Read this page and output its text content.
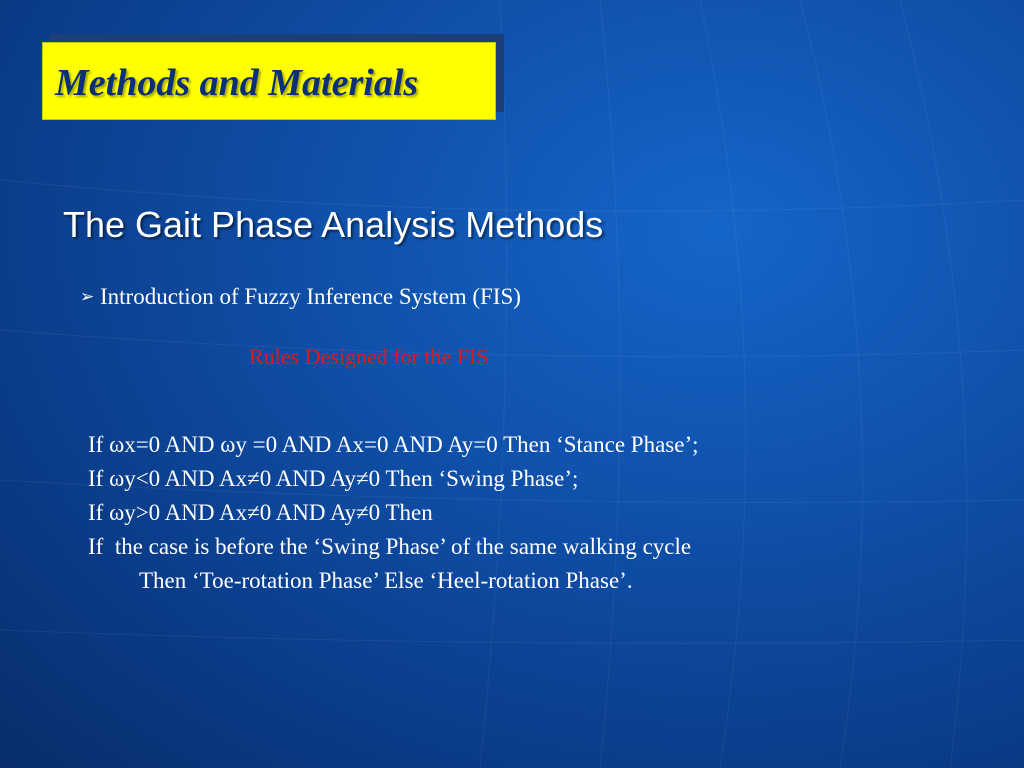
Methods and Materials
The Gait Phase Analysis Methods
➢ Introduction of Fuzzy Inference System (FIS)
Rules Designed for the FIS
If ωx=0 AND ωy =0 AND Ax=0 AND Ay=0 Then ‘Stance Phase’;
If ωy<0 AND Ax≠0 AND Ay≠0 Then ‘Swing Phase’;
If ωy>0 AND Ax≠0 AND Ay≠0 Then
If  the case is before the ‘Swing Phase’ of the same walking cycle
Then ‘Toe-rotation Phase’ Else ‘Heel-rotation Phase’.
